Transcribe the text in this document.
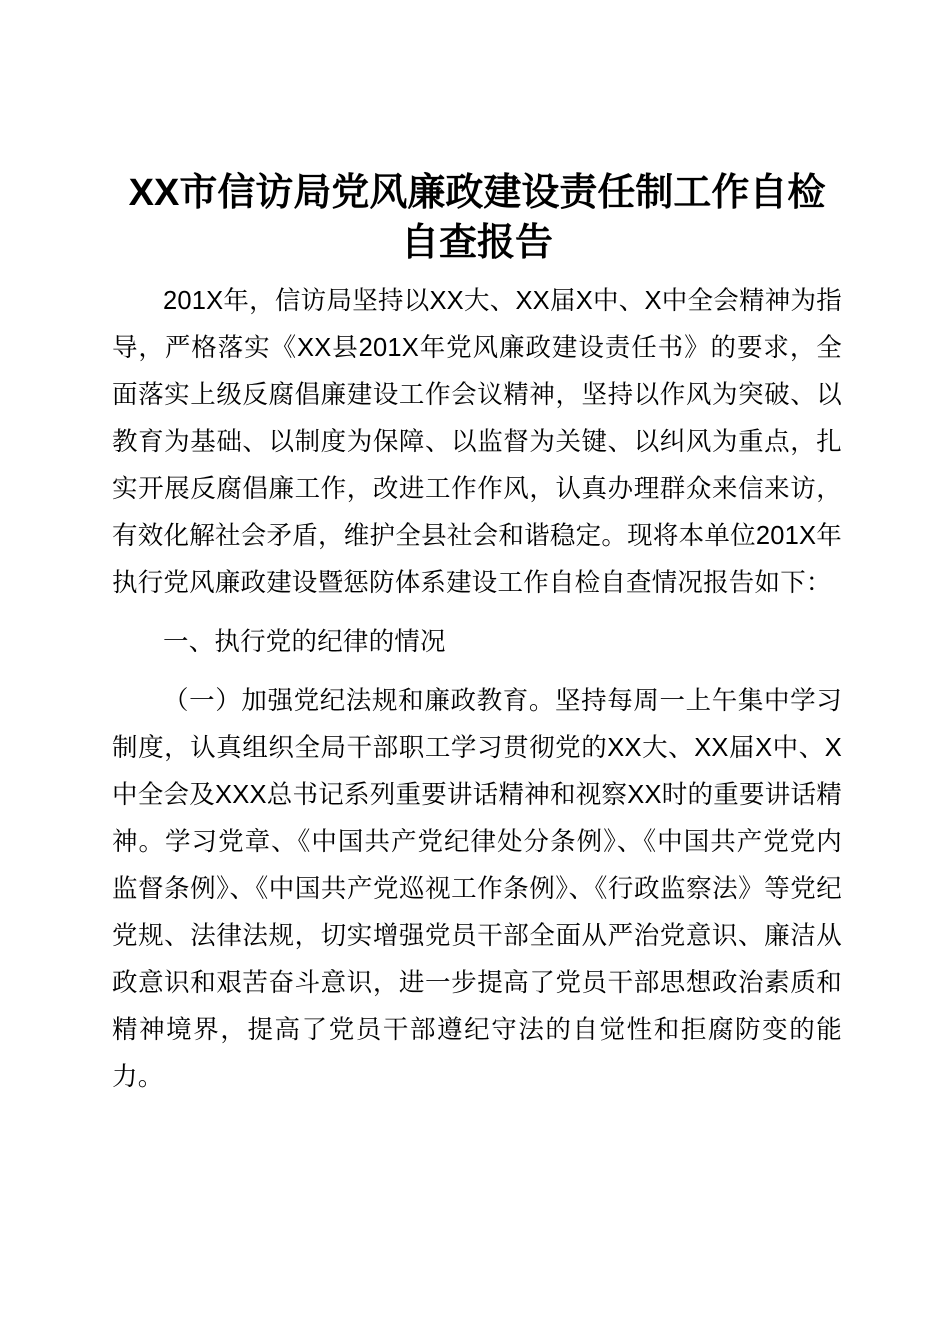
XX市信访局党风廉政建设责任制工作自检自查报告

201X年，信访局坚持以XX大、XX届X中、X中全会精神为指导，严格落实《XX县201X年党风廉政建设责任书》的要求，全面落实上级反腐倡廉建设工作会议精神，坚持以作风为突破、以教育为基础、以制度为保障、以监督为关键、以纠风为重点，扎实开展反腐倡廉工作，改进工作作风，认真办理群众来信来访，有效化解社会矛盾，维护全县社会和谐稳定。现将本单位201X年执行党风廉政建设暨惩防体系建设工作自检自查情况报告如下：

一、执行党的纪律的情况

（一）加强党纪法规和廉政教育。坚持每周一上午集中学习制度，认真组织全局干部职工学习贯彻党的XX大、XX届X中、X中全会及XXX总书记系列重要讲话精神和视察XX时的重要讲话精神。学习党章、《中国共产党纪律处分条例》、《中国共产党党内监督条例》、《中国共产党巡视工作条例》、《行政监察法》等党纪党规、法律法规，切实增强党员干部全面从严治党意识、廉洁从政意识和艰苦奋斗意识，进一步提高了党员干部思想政治素质和精神境界，提高了党员干部遵纪守法的自觉性和拒腐防变的能力。
